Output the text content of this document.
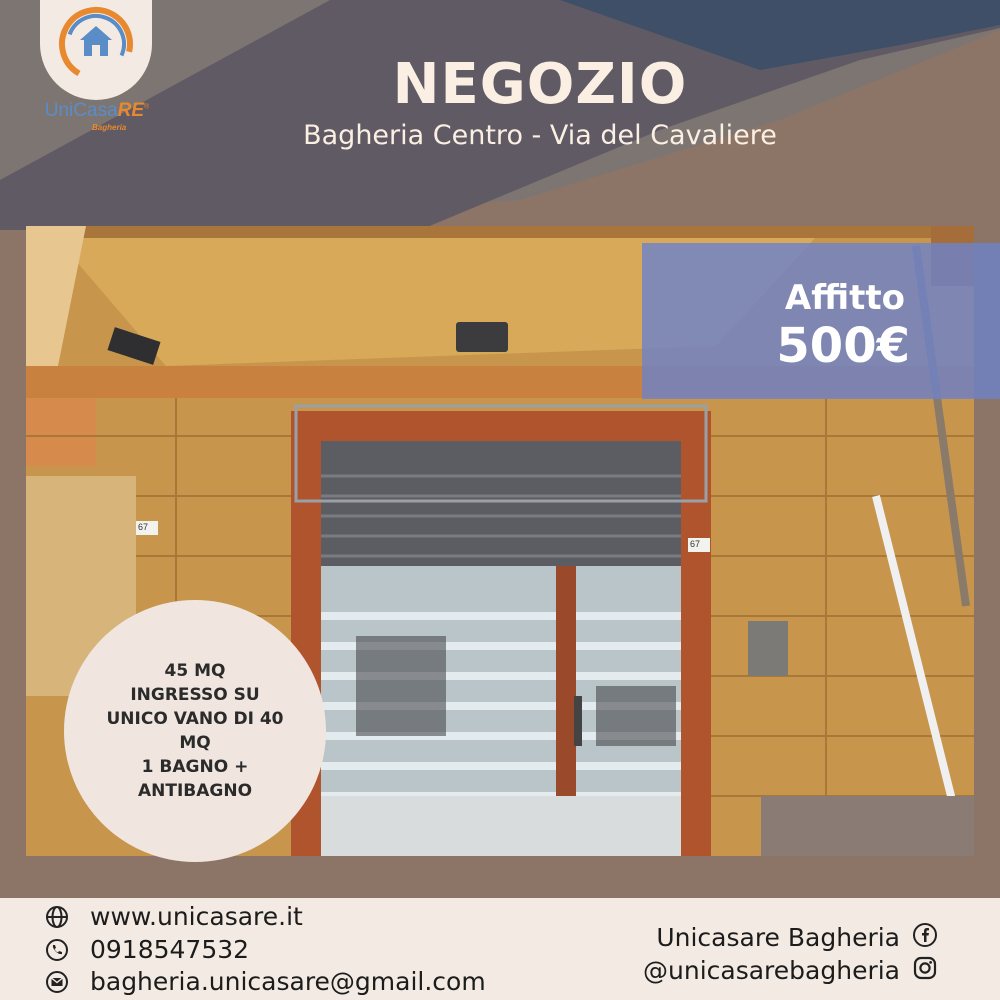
UniCasaRE®
Bagheria
NEGOZIO
Bagheria Centro - Via del Cavaliere
67
67
Affitto
500€
45 MQ
INGRESSO SU
UNICO VANO DI 40
MQ
1 BAGNO +
ANTIBAGNO
www.unicasare.it
0918547532
bagheria.unicasare@gmail.com
Unicasare Bagheria
@unicasarebagheria
